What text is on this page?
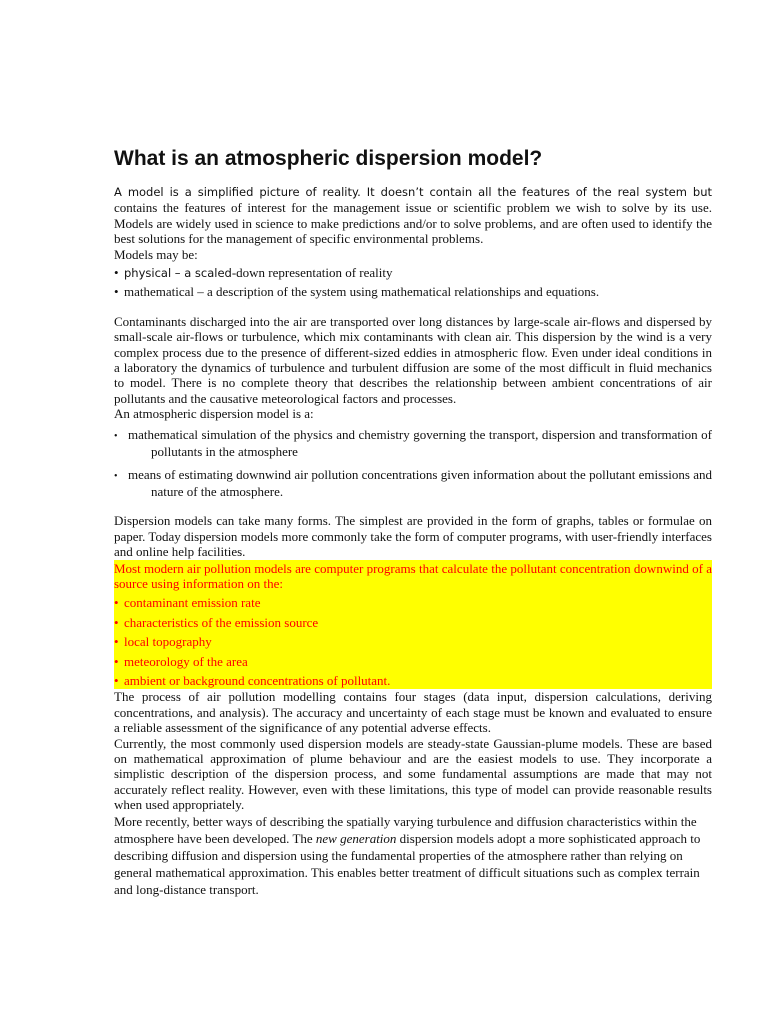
What is an atmospheric dispersion model?

A model is a simplified picture of reality. It doesn’t contain all the features of the real system but contains the features of interest for the management issue or scientific problem we wish to solve by its use. Models are widely used in science to make predictions and/or to solve problems, and are often used to identify the best solutions for the management of specific environmental problems.

Models may be:

• physical – a scaled-down representation of reality
• mathematical – a description of the system using mathematical relationships and equations.

Contaminants discharged into the air are transported over long distances by large-scale air-flows and dispersed by small-scale air-flows or turbulence, which mix contaminants with clean air. This dispersion by the wind is a very complex process due to the presence of different-sized eddies in atmospheric flow. Even under ideal conditions in a laboratory the dynamics of turbulence and turbulent diffusion are some of the most difficult in fluid mechanics to model. There is no complete theory that describes the relationship between ambient concentrations of air pollutants and the causative meteorological factors and processes.

An atmospheric dispersion model is a:

• mathematical simulation of the physics and chemistry governing the transport, dispersion and transformation of pollutants in the atmosphere
• means of estimating downwind air pollution concentrations given information about the pollutant emissions and nature of the atmosphere.

Dispersion models can take many forms. The simplest are provided in the form of graphs, tables or formulae on paper. Today dispersion models more commonly take the form of computer programs, with user-friendly interfaces and online help facilities.

Most modern air pollution models are computer programs that calculate the pollutant concentration downwind of a source using information on the:

• contaminant emission rate
• characteristics of the emission source
• local topography
• meteorology of the area
• ambient or background concentrations of pollutant.

The process of air pollution modelling contains four stages (data input, dispersion calculations, deriving concentrations, and analysis). The accuracy and uncertainty of each stage must be known and evaluated to ensure a reliable assessment of the significance of any potential adverse effects.

Currently, the most commonly used dispersion models are steady-state Gaussian-plume models. These are based on mathematical approximation of plume behaviour and are the easiest models to use. They incorporate a simplistic description of the dispersion process, and some fundamental assumptions are made that may not accurately reflect reality. However, even with these limitations, this type of model can provide reasonable results when used appropriately.

More recently, better ways of describing the spatially varying turbulence and diffusion characteristics within the atmosphere have been developed. The new generation dispersion models adopt a more sophisticated approach to describing diffusion and dispersion using the fundamental properties of the atmosphere rather than relying on general mathematical approximation. This enables better treatment of difficult situations such as complex terrain and long-distance transport.
